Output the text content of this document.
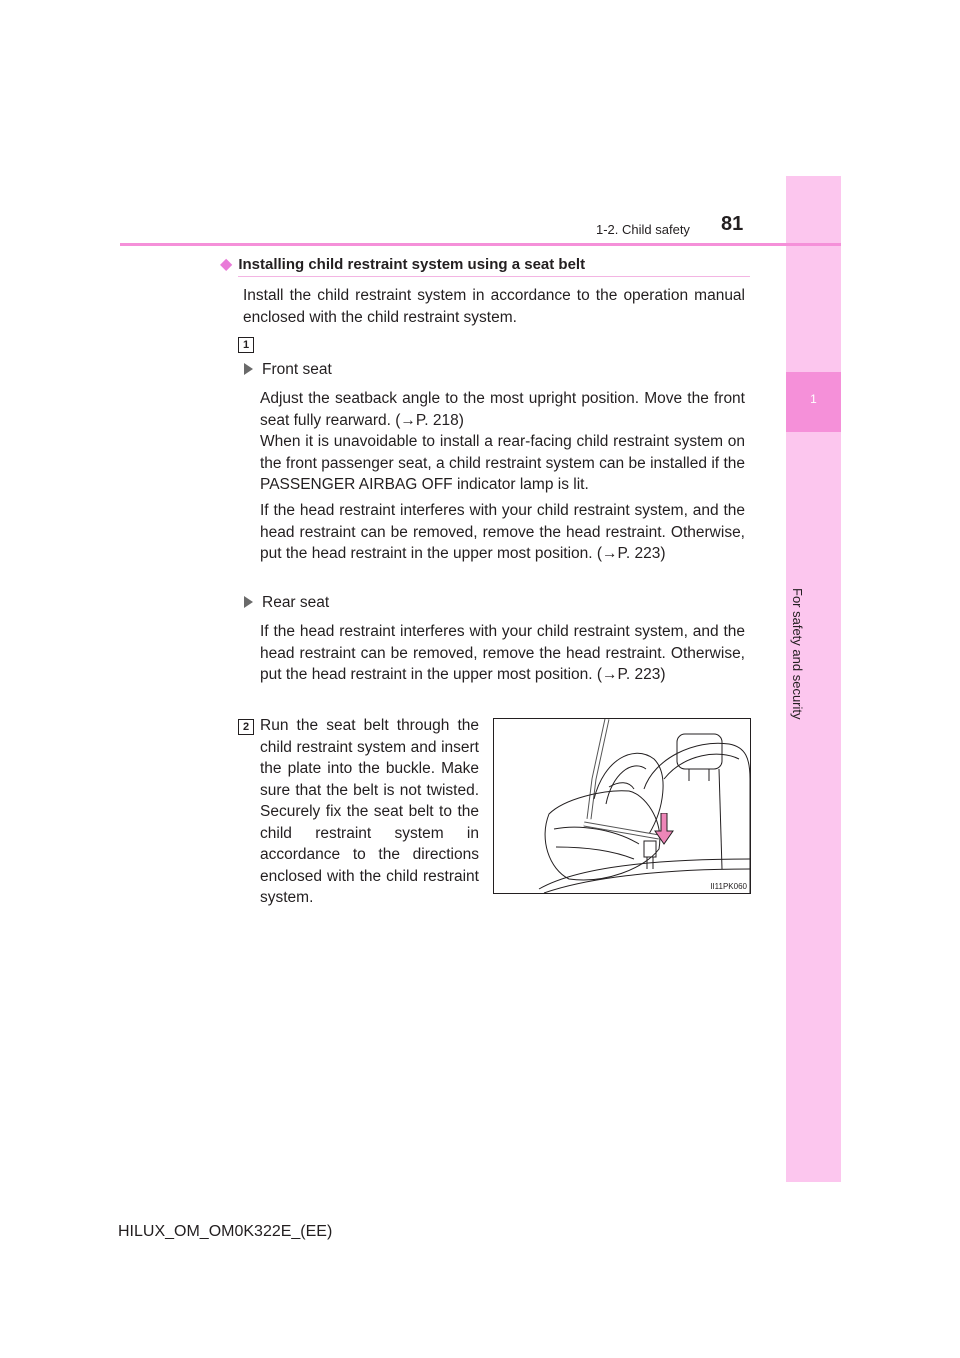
1
For safety and security
1-2. Child safety 81
◆ Installing child restraint system using a seat belt
Install the child restraint system in accordance to the operation manual enclosed with the child restraint system.
1
Front seat
Adjust the seatback angle to the most upright position. Move the front seat fully rearward. (→P. 218)
When it is unavoidable to install a rear-facing child restraint system on the front passenger seat, a child restraint system can be installed if the PASSENGER AIRBAG OFF indicator lamp is lit.
If the head restraint interferes with your child restraint system, and the head restraint can be removed, remove the head restraint. Otherwise, put the head restraint in the upper most position. (→P. 223)
Rear seat
If the head restraint interferes with your child restraint system, and the head restraint can be removed, remove the head restraint. Otherwise, put the head restraint in the upper most position. (→P. 223)
2 Run the seat belt through the child restraint system and insert the plate into the buckle. Make sure that the belt is not twisted. Securely fix the seat belt to the child restraint system in accordance to the directions enclosed with the child restraint system.
II11PK060
HILUX_OM_OM0K322E_(EE)
